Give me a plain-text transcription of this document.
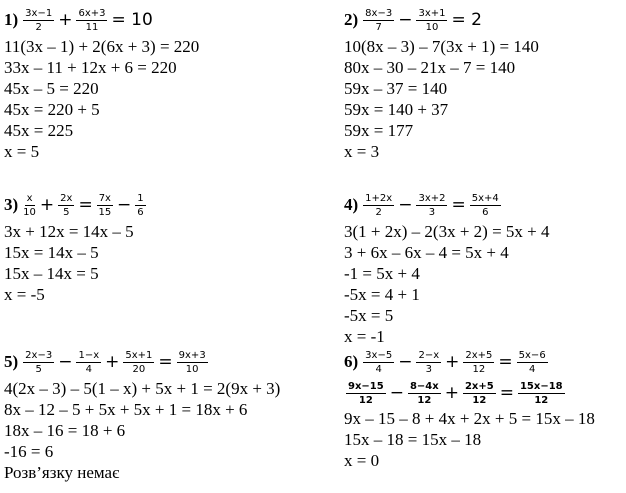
$1) \frac{3x-1}{2} + \frac{6x+3}{11} = 10$
11(3x – 1) + 2(6x + 3) = 220
33x – 11 + 12x + 6 = 220
45x – 5 = 220
45x = 220 + 5
45x = 225
x = 5
$2) \frac{8x-3}{7} - \frac{3x+1}{10} = 2$
10(8x – 3) – 7(3x + 1) = 140
80x – 30 – 21x – 7 = 140
59x – 37 = 140
59x = 140 + 37
59x = 177
x = 3
$3) \frac{x}{10} + \frac{2x}{5} = \frac{7x}{15} - \frac{1}{6}$
3x + 12x = 14x – 5
15x = 14x – 5
15x – 14x = 5
x = -5
$4) \frac{1+2x}{2} - \frac{3x+2}{3} = \frac{5x+4}{6}$
3(1 + 2x) – 2(3x + 2) = 5x + 4
3 + 6x – 6x – 4 = 5x + 4
-1 = 5x + 4
-5x = 4 + 1
-5x = 5
x = -1
$5) \frac{2x-3}{5} - \frac{1-x}{4} + \frac{5x+1}{20} = \frac{9x+3}{10}$
4(2x – 3) – 5(1 – x) + 5x + 1 = 2(9x + 3)
8x – 12 – 5 + 5x + 5x + 1 = 18x + 6
18x – 16 = 18 + 6
-16 = 6
Розв’язку немає
$6) \frac{3x-5}{4} - \frac{2-x}{3} + \frac{2x+5}{12} = \frac{5x-6}{4}$
$\frac{9x-15}{12} - \frac{8-4x}{12} + \frac{2x+5}{12} = \frac{15x-18}{12}$
9x – 15 – 8 + 4x + 2x + 5 = 15x – 18
15x – 18 = 15x – 18
x = 0
